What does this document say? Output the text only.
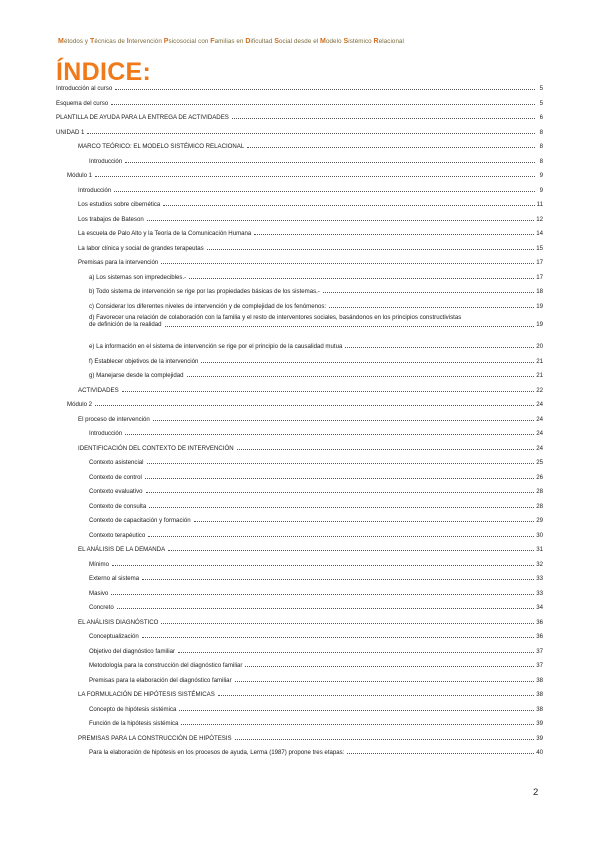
Métodos y Técnicas de Intervención Psicosocial con Familias en Dificultad Social desde el Modelo Sistémico Relacional
ÍNDICE:
Introducción al curso	5
Esquema del curso	5
PLANTILLA DE AYUDA PARA LA ENTREGA DE ACTIVIDADES	6
UNIDAD 1	8
MARCO TEÓRICO: EL MODELO SISTÉMICO RELACIONAL	8
Introducción	8
Módulo 1	9
Introducción	9
Los estudios sobre cibernética	11
Los trabajos de Bateson	12
La escuela de Palo Alto y la Teoría de la Comunicación Humana	14
La labor clínica y social de grandes terapeutas	15
Premisas para la intervención	17
a) Los sistemas son impredecibles.-	17
b) Todo sistema de intervención se rige por las propiedades básicas de los sistemas.-	18
c) Considerar los diferentes niveles de intervención y de complejidad de los fenómenos:	19
d) Favorecer una relación de colaboración con la familia y el resto de interventores sociales, basándonos en los principios constructivistas
de definición de la realidad	19
e) La información en el sistema de intervención se rige por el principio de la causalidad mutua	20
f) Establecer objetivos de la intervención	21
g) Manejarse desde la complejidad	21
ACTIVIDADES	22
Módulo 2	24
El proceso de intervención	24
Introducción	24
IDENTIFICACIÓN DEL CONTEXTO DE INTERVENCIÓN	24
Contexto asistencial	25
Contexto de control	26
Contexto evaluativo	28
Contexto de consulta	28
Contexto de capacitación y formación	29
Contexto terapéutico	30
EL ANÁLISIS DE LA DEMANDA	31
Mínimo	32
Externo al sistema	33
Masivo	33
Concreto	34
EL ANÁLISIS DIAGNÓSTICO	36
Conceptualización	36
Objetivo del diagnóstico familiar	37
Metodología para la construcción del diagnóstico familiar	37
Premisas para la elaboración del diagnóstico familiar	38
LA FORMULACIÓN DE HIPÓTESIS SISTÉMICAS	38
Concepto de hipótesis sistémica	38
Función de la hipótesis sistémica	39
PREMISAS PARA LA CONSTRUCCIÓN DE HIPÓTESIS	39
Para la elaboración de hipótesis en los procesos de ayuda, Lerma (1987) propone tres etapas:	40
2
